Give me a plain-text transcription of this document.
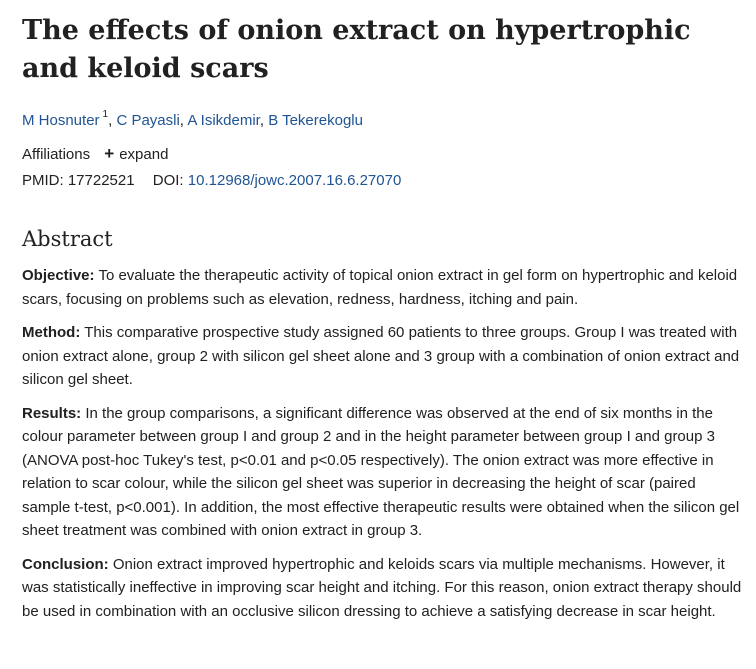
The effects of onion extract on hypertrophic and keloid scars
M Hosnuter $^1$, C Payasli, A Isikdemir, B Tekerekoglu
Affiliations + expand
PMID: 17722521 DOI: 10.12968/jowc.2007.16.6.27070
Abstract

Objective: To evaluate the therapeutic activity of topical onion extract in gel form on hypertrophic and keloid scars, focusing on problems such as elevation, redness, hardness, itching and pain.

Method: This comparative prospective study assigned 60 patients to three groups. Group I was treated with onion extract alone, group 2 with silicon gel sheet alone and 3 group with a combination of onion extract and silicon gel sheet.

Results: In the group comparisons, a significant difference was observed at the end of six months in the colour parameter between group I and group 2 and in the height parameter between group I and group 3 (ANOVA post-hoc Tukey's test, p<0.01 and p<0.05 respectively). The onion extract was more effective in relation to scar colour, while the silicon gel sheet was superior in decreasing the height of scar (paired sample t-test, p<0.001). In addition, the most effective therapeutic results were obtained when the silicon gel sheet treatment was combined with onion extract in group 3.

Conclusion: Onion extract improved hypertrophic and keloids scars via multiple mechanisms. However, it was statistically ineffective in improving scar height and itching. For this reason, onion extract therapy should be used in combination with an occlusive silicon dressing to achieve a satisfying decrease in scar height.
